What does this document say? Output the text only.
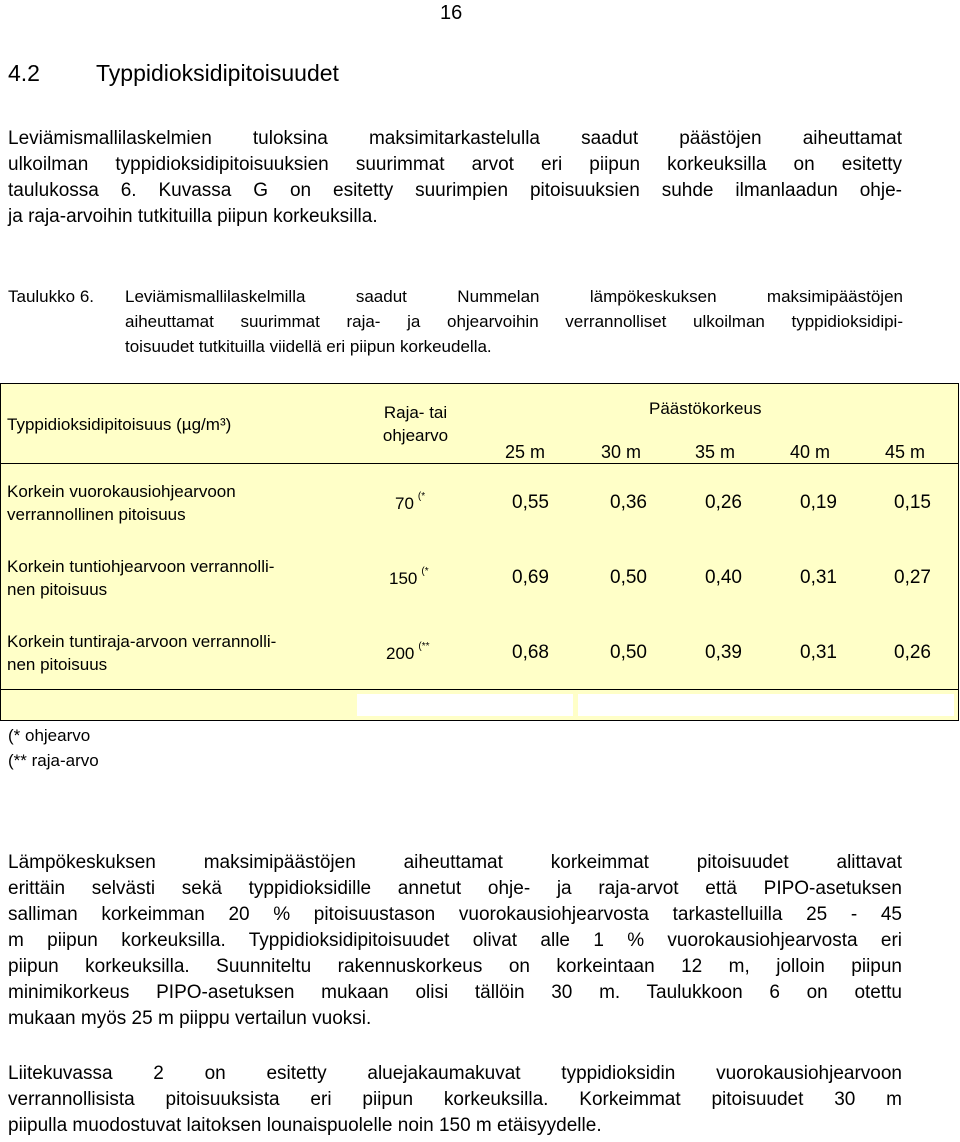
16
4.2 Typpidioksidipitoisuudet
Leviämismallilaskelmien tuloksina maksimitarkastelulla saadut päästöjen aiheuttamat
ulkoilman typpidioksidipitoisuuksien suurimmat arvot eri piipun korkeuksilla on esitetty
taulukossa 6. Kuvassa G on esitetty suurimpien pitoisuuksien suhde ilmanlaadun ohje-
ja raja-arvoihin tutkituilla piipun korkeuksilla.
Taulukko 6. Leviämismallilaskelmilla saadut Nummelan lämpökeskuksen maksimipäästöjen
aiheuttamat suurimmat raja- ja ohjearvoihin verrannolliset ulkoilman typpidioksidipi-
toisuudet tutkituilla viidellä eri piipun korkeudella.
Typpidioksidipitoisuus (µg/m³)
Raja- tai
ohjearvo
Päästökorkeus
25 m	30 m	35 m	40 m	45 m
Korkein vuorokausiohjearvoon
verrannollinen pitoisuus
70 (*	0,55	0,36	0,26	0,19	0,15
Korkein tuntiohjearvoon verrannolli-
nen pitoisuus
150 (*	0,69	0,50	0,40	0,31	0,27
Korkein tuntiraja-arvoon verrannolli-
nen pitoisuus
200 (**	0,68	0,50	0,39	0,31	0,26
(* ohjearvo
(** raja-arvo
Lämpökeskuksen maksimipäästöjen aiheuttamat korkeimmat pitoisuudet alittavat
erittäin selvästi sekä typpidioksidille annetut ohje- ja raja-arvot että PIPO-asetuksen
salliman korkeimman 20 % pitoisuustason vuorokausiohjearvosta tarkastelluilla 25 - 45
m piipun korkeuksilla. Typpidioksidipitoisuudet olivat alle 1 % vuorokausiohjearvosta eri
piipun korkeuksilla. Suunniteltu rakennuskorkeus on korkeintaan 12 m, jolloin piipun
minimikorkeus PIPO-asetuksen mukaan olisi tällöin 30 m. Taulukkoon 6 on otettu
mukaan myös 25 m piippu vertailun vuoksi.
Liitekuvassa 2 on esitetty aluejakaumakuvat typpidioksidin vuorokausiohjearvoon
verrannollisista pitoisuuksista eri piipun korkeuksilla. Korkeimmat pitoisuudet 30 m
piipulla muodostuvat laitoksen lounaispuolelle noin 150 m etäisyydelle.
